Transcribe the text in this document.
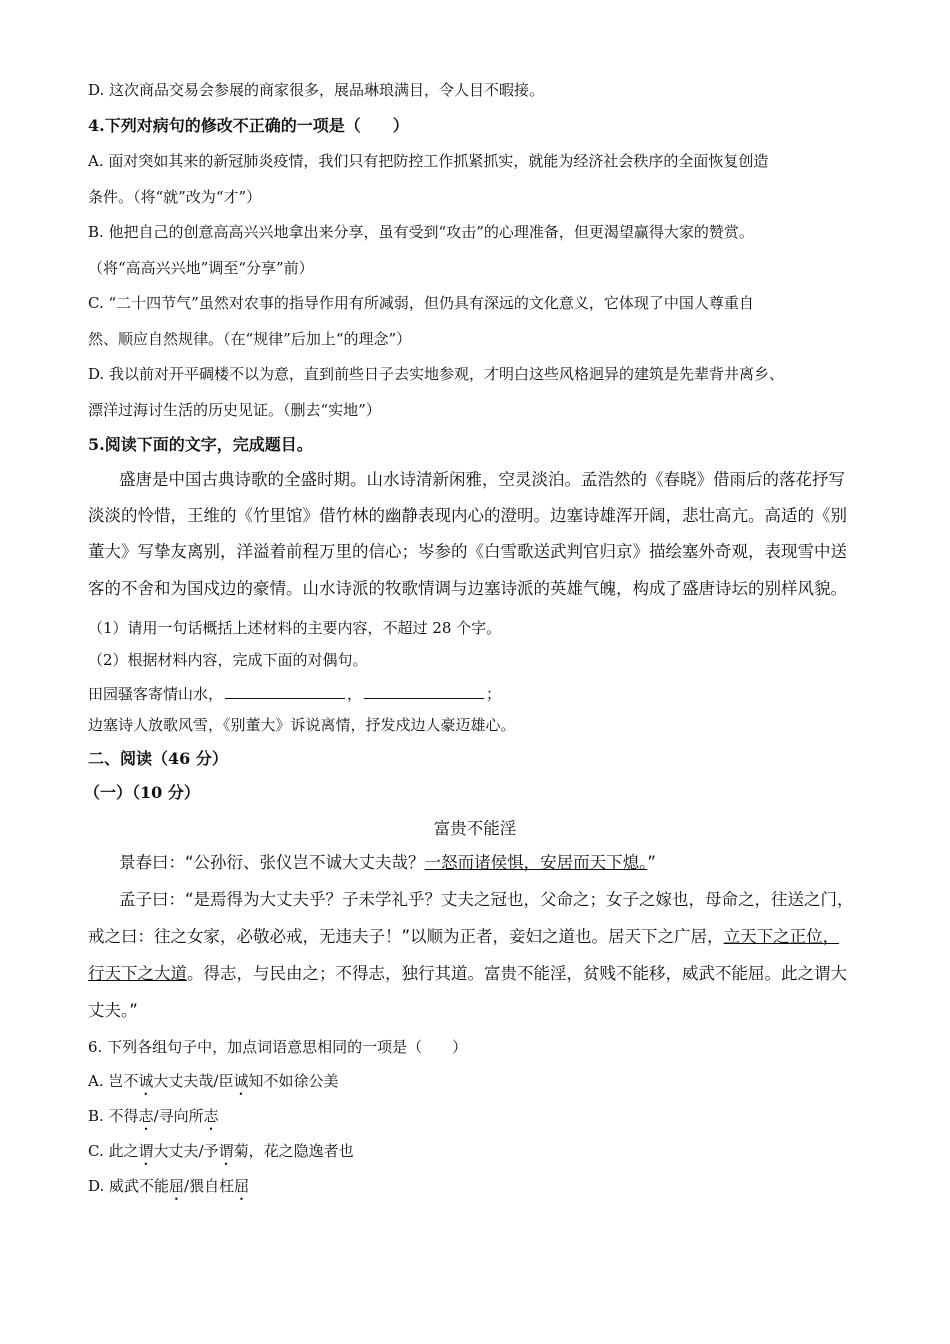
D. 这次商品交易会参展的商家很多，展品琳琅满目，令人目不暇接。
4.下列对病句的修改不正确的一项是（　　）
A. 面对突如其来的新冠肺炎疫情，我们只有把防控工作抓紧抓实，就能为经济社会秩序的全面恢复创造
条件。（将“就”改为“才”）
B. 他把自己的创意高高兴兴地拿出来分享，虽有受到“攻击”的心理准备，但更渴望赢得大家的赞赏。
（将“高高兴兴地”调至“分享”前）
C. “二十四节气”虽然对农事的指导作用有所减弱，但仍具有深远的文化意义，它体现了中国人尊重自
然、顺应自然规律。（在“规律”后加上“的理念”）
D. 我以前对开平碉楼不以为意，直到前些日子去实地参观，才明白这些风格迥异的建筑是先辈背井离乡、
漂洋过海讨生活的历史见证。（删去“实地”）
5.阅读下面的文字，完成题目。
盛唐是中国古典诗歌的全盛时期。山水诗清新闲雅，空灵淡泊。孟浩然的《春晓》借雨后的落花抒写
淡淡的怜惜，王维的《竹里馆》借竹林的幽静表现内心的澄明。边塞诗雄浑开阔，悲壮高亢。高适的《别
董大》写挚友离别，洋溢着前程万里的信心；岑参的《白雪歌送武判官归京》描绘塞外奇观，表现雪中送
客的不舍和为国戍边的豪情。山水诗派的牧歌情调与边塞诗派的英雄气魄，构成了盛唐诗坛的别样风貌。
（1）请用一句话概括上述材料的主要内容，不超过 28 个字。
（2）根据材料内容，完成下面的对偶句。
田园骚客寄情山水，	，	；
边塞诗人放歌风雪，《别董大》诉说离情，抒发戍边人豪迈雄心。
二、阅读（46 分）
（一）（10 分）
富贵不能淫
景春曰：“公孙衍、张仪岂不诚大丈夫哉？一怒而诸侯惧，安居而天下熄。”
孟子曰：“是焉得为大丈夫乎？子未学礼乎？丈夫之冠也，父命之；女子之嫁也，母命之，往送之门，
戒之曰：往之女家，必敬必戒，无违夫子！”以顺为正者，妾妇之道也。居天下之广居，立天下之正位，
行天下之大道。得志，与民由之；不得志，独行其道。富贵不能淫，贫贱不能移，威武不能屈。此之谓大
丈夫。”
6. 下列各组句子中，加点词语意思相同的一项是（　　）
A. 岂不诚大丈夫哉/臣诚知不如徐公美
B. 不得志/寻向所志
C. 此之谓大丈夫/予谓菊，花之隐逸者也
D. 威武不能屈/猥自枉屈
